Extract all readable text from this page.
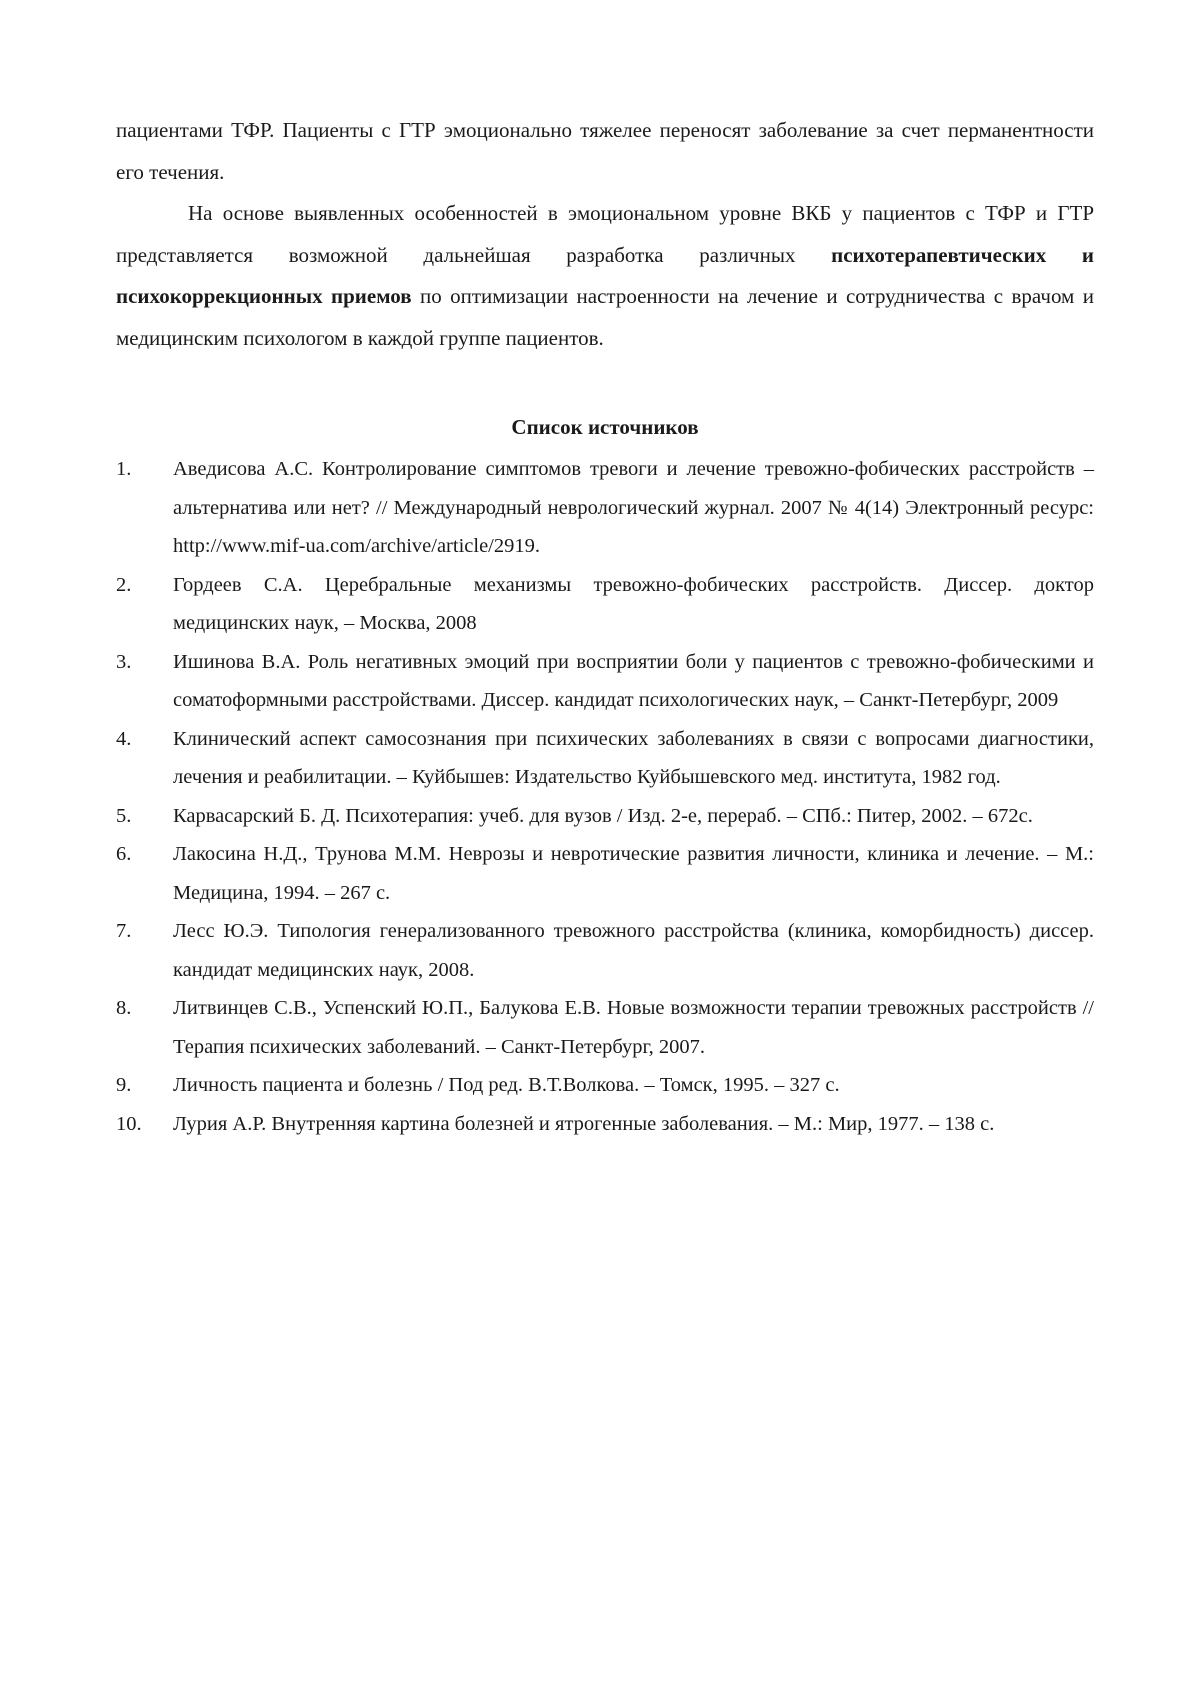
пациентами ТФР. Пациенты с ГТР эмоционально тяжелее переносят заболевание за счет перманентности его течения.

На основе выявленных особенностей в эмоциональном уровне ВКБ у пациентов с ТФР и ГТР представляется возможной дальнейшая разработка различных психотерапевтических и психокоррекционных приемов по оптимизации настроенности на лечение и сотрудничества с врачом и медицинским психологом в каждой группе пациентов.

Список источников
1. Аведисова А.С. Контролирование симптомов тревоги и лечение тревожно-фобических расстройств – альтернатива или нет? // Международный неврологический журнал. 2007 № 4(14) Электронный ресурс: http://www.mif-ua.com/archive/article/2919.
2. Гордеев С.А. Церебральные механизмы тревожно-фобических расстройств. Диссер. доктор медицинских наук, – Москва, 2008
3. Ишинова В.А. Роль негативных эмоций при восприятии боли у пациентов с тревожно-фобическими и соматоформными расстройствами. Диссер. кандидат психологических наук, – Санкт-Петербург, 2009
4. Клинический аспект самосознания при психических заболеваниях в связи с вопросами диагностики, лечения и реабилитации. – Куйбышев: Издательство Куйбышевского мед. института, 1982 год.
5. Карвасарский Б. Д. Психотерапия: учеб. для вузов / Изд. 2-е, перераб. – СПб.: Питер, 2002. – 672с.
6. Лакосина Н.Д., Трунова М.М. Неврозы и невротические развития личности, клиника и лечение. – М.: Медицина, 1994. – 267 с.
7. Лесс Ю.Э. Типология генерализованного тревожного расстройства (клиника, коморбидность) диссер. кандидат медицинских наук, 2008.
8. Литвинцев С.В., Успенский Ю.П., Балукова Е.В. Новые возможности терапии тревожных расстройств // Терапия психических заболеваний. – Санкт-Петербург, 2007.
9. Личность пациента и болезнь / Под ред. В.Т.Волкова. – Томск, 1995. – 327 с.
10. Лурия А.Р. Внутренняя картина болезней и ятрогенные заболевания. – М.: Мир, 1977. – 138 с.
